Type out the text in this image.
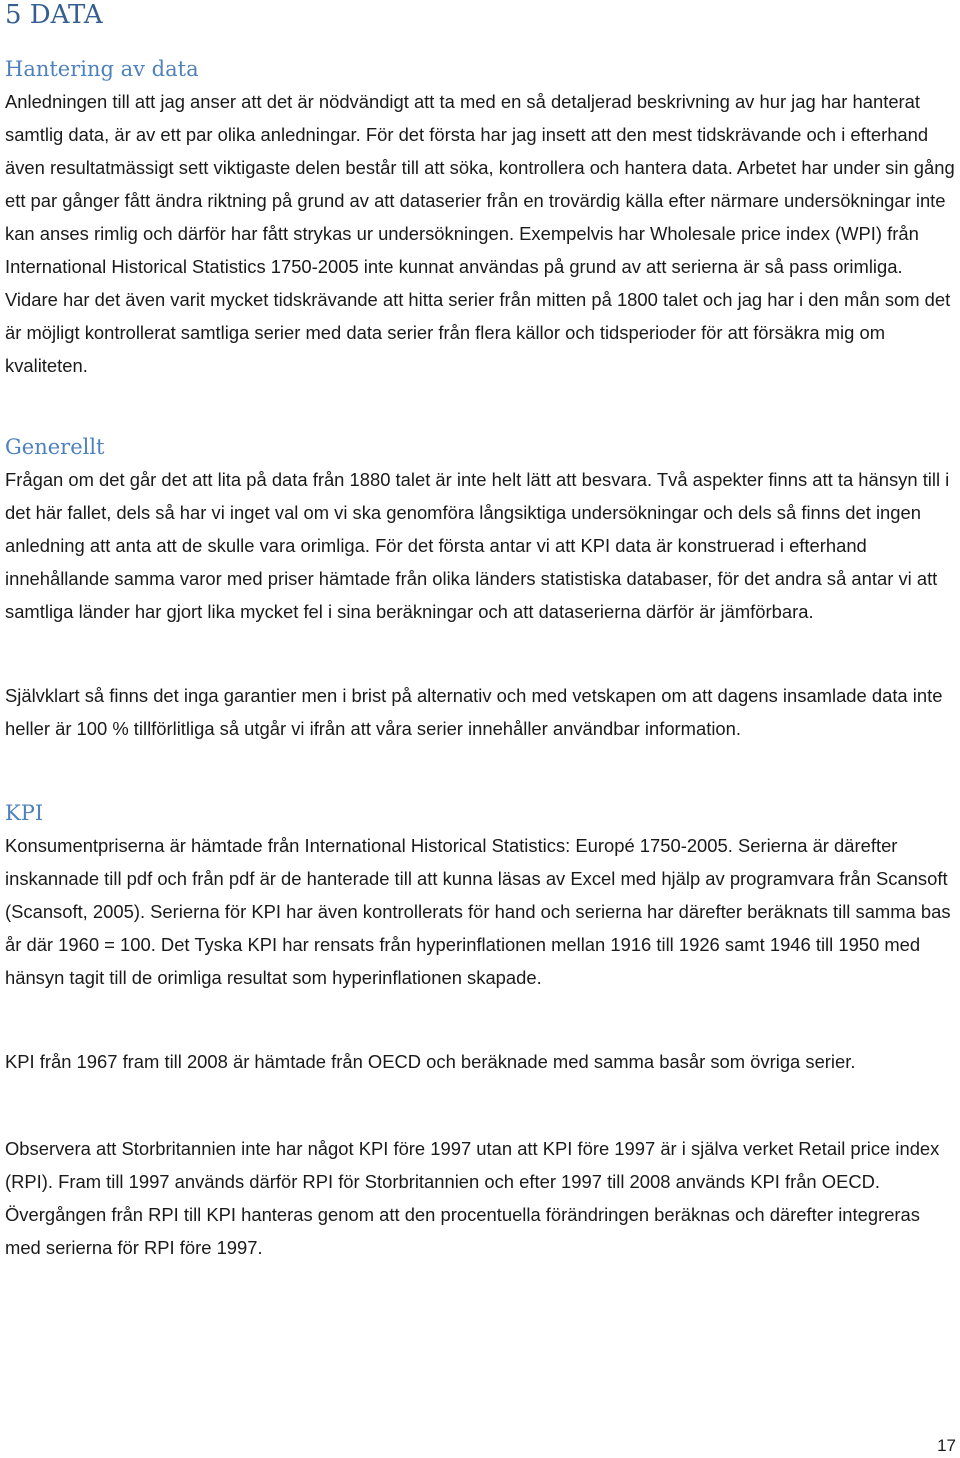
5 DATA
Hantering av data

Anledningen till att jag anser att det är nödvändigt att ta med en så detaljerad beskrivning av hur jag har hanterat samtlig data, är av ett par olika anledningar. För det första har jag insett att den mest tidskrävande och i efterhand även resultatmässigt sett viktigaste delen består till att söka, kontrollera och hantera data. Arbetet har under sin gång ett par gånger fått ändra riktning på grund av att dataserier från en trovärdig källa efter närmare undersökningar inte kan anses rimlig och därför har fått strykas ur undersökningen. Exempelvis har Wholesale price index (WPI) från International Historical Statistics 1750-2005 inte kunnat användas på grund av att serierna är så pass orimliga. Vidare har det även varit mycket tidskrävande att hitta serier från mitten på 1800 talet och jag har i den mån som det är möjligt kontrollerat samtliga serier med data serier från flera källor och tidsperioder för att försäkra mig om kvaliteten.

Generellt

Frågan om det går det att lita på data från 1880 talet är inte helt lätt att besvara. Två aspekter finns att ta hänsyn till i det här fallet, dels så har vi inget val om vi ska genomföra långsiktiga undersökningar och dels så finns det ingen anledning att anta att de skulle vara orimliga. För det första antar vi att KPI data är konstruerad i efterhand innehållande samma varor med priser hämtade från olika länders statistiska databaser, för det andra så antar vi att samtliga länder har gjort lika mycket fel i sina beräkningar och att dataserierna därför är jämförbara.

Självklart så finns det inga garantier men i brist på alternativ och med vetskapen om att dagens insamlade data inte heller är 100 % tillförlitliga så utgår vi ifrån att våra serier innehåller användbar information.

KPI

Konsumentpriserna är hämtade från International Historical Statistics: Europé 1750-2005. Serierna är därefter inskannade till pdf och från pdf är de hanterade till att kunna läsas av Excel med hjälp av programvara från Scansoft (Scansoft, 2005). Serierna för KPI har även kontrollerats för hand och serierna har därefter beräknats till samma bas år där 1960 = 100. Det Tyska KPI har rensats från hyperinflationen mellan 1916 till 1926 samt 1946 till 1950 med hänsyn tagit till de orimliga resultat som hyperinflationen skapade.

KPI från 1967 fram till 2008 är hämtade från OECD och beräknade med samma basår som övriga serier.

Observera att Storbritannien inte har något KPI före 1997 utan att KPI före 1997 är i själva verket Retail price index (RPI). Fram till 1997 används därför RPI för Storbritannien och efter 1997 till 2008 används KPI från OECD. Övergången från RPI till KPI hanteras genom att den procentuella förändringen beräknas och därefter integreras med serierna för RPI före 1997.

17
